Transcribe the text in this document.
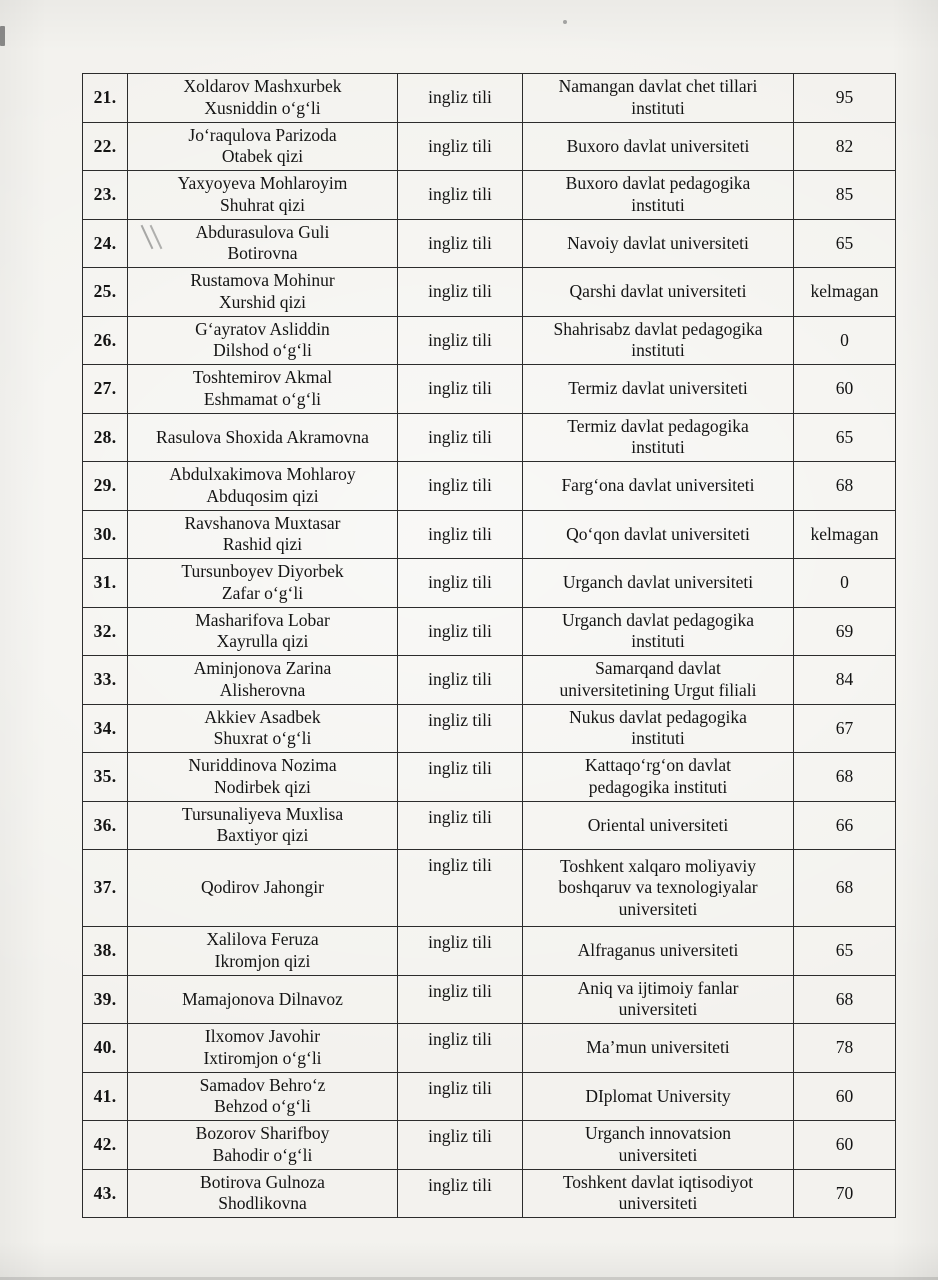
21.	
Xoldarov Mashxurbek
Xusniddin o‘g‘li
	ingliz tili	
Namangan davlat chet tillari
instituti
	95
22.	Jo‘raqulova Parizoda
Otabek qizi	ingliz tili	Buxoro davlat universiteti	82
23.	
Yaxyoyeva Mohlaroyim
Shuhrat qizi
	ingliz tili	
Buxoro davlat pedagogika
instituti
	85
24.	Abdurasulova Guli
Botirovna	ingliz tili	Navoiy davlat universiteti	65
25.	Rustamova Mohinur
Xurshid qizi	ingliz tili	Qarshi davlat universiteti	kelmagan
26.	
G‘ayratov Asliddin
Dilshod o‘g‘li
	ingliz tili	
Shahrisabz davlat pedagogika
instituti
	0
27.	Toshtemirov Akmal
Eshmamat o‘g‘li	ingliz tili	Termiz davlat universiteti	60
28.	Rasulova Shoxida Akramovna	ingliz tili	Termiz davlat pedagogika
instituti	65
29.	Abdulxakimova Mohlaroy
Abduqosim qizi	ingliz tili	Farg‘ona davlat universiteti	68
30.	Ravshanova Muxtasar
Rashid qizi	ingliz tili	Qo‘qon davlat universiteti	kelmagan
31.	Tursunboyev Diyorbek
Zafar o‘g‘li	ingliz tili	Urganch davlat universiteti	0
32.	
Masharifova Lobar
Xayrulla qizi
	ingliz tili	
Urganch davlat pedagogika
instituti
	69
33.	
Aminjonova Zarina
Alisherovna
	ingliz tili	
Samarqand davlat
universitetining Urgut filiali
	84
34.	
Akkiev Asadbek
Shuxrat o‘g‘li
	ingliz tili	Nukus davlat pedagogika
instituti
	67
35.	
Nuriddinova Nozima
Nodirbek qizi
	ingliz tili	Kattaqo‘rg‘on davlat
pedagogika instituti
	68
36.	Tursunaliyeva Muxlisa
Baxtiyor qizi	ingliz tili	Oriental universiteti	66
37.	Qodirov Jahongir	ingliz tili	Toshkent xalqaro moliyaviy
boshqaruv va texnologiyalar
universiteti	68
38.	Xalilova Feruza
Ikromjon qizi	ingliz tili	Alfraganus universiteti	65
39.	Mamajonova Dilnavoz	ingliz tili	Aniq va ijtimoiy fanlar
universiteti	68
40.	Ilxomov Javohir
Ixtiromjon o‘g‘li	ingliz tili	Ma’mun universiteti	78
41.	Samadov Behro‘z
Behzod o‘g‘li	ingliz tili	DIplomat University	60
42.	
Bozorov Sharifboy
Bahodir o‘g‘li
	ingliz tili	Urganch innovatsion
universiteti
	60
43.	
Botirova Gulnoza
Shodlikovna
	ingliz tili	Toshkent davlat iqtisodiyot
universiteti
	70
